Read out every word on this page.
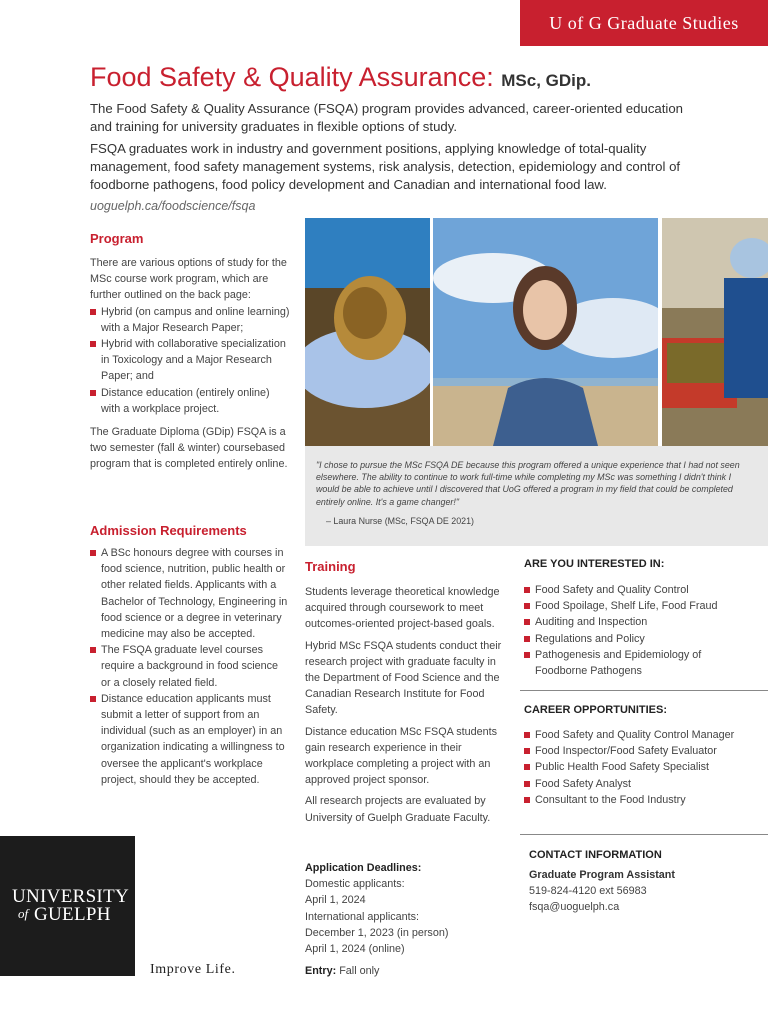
U of G Graduate Studies
Food Safety & Quality Assurance: MSc, GDip.

The Food Safety & Quality Assurance (FSQA) program provides advanced, career-oriented education and training for university graduates in flexible options of study.

FSQA graduates work in industry and government positions, applying knowledge of total-quality management, food safety management systems, risk analysis, detection, epidemiology and control of foodborne pathogens, food policy development and Canadian and international food law.

uoguelph.ca/foodscience/fsqa
Program

There are various options of study for the MSc course work program, which are further outlined on the back page:

Hybrid (on campus and online learning) with a Major Research Paper;
Hybrid with collaborative specialization in Toxicology and a Major Research Paper; and
Distance education (entirely online) with a workplace project.

The Graduate Diploma (GDip) FSQA is a two semester (fall & winter) coursebased program that is completed entirely online.

Admission Requirements
A BSc honours degree with courses in food science, nutrition, public health or other related fields. Applicants with a Bachelor of Technology, Engineering in food science or a degree in veterinary medicine may also be accepted.
The FSQA graduate level courses require a background in food science or a closely related field.
Distance education applicants must submit a letter of support from an individual (such as an employer) in an organization indicating a willingness to oversee the applicant's workplace project, should they be accepted.

"I chose to pursue the MSc FSQA DE because this program offered a unique experience that I had not seen elsewhere. The ability to continue to work full-time while completing my MSc was something I didn't think I would be able to achieve until I discovered that UoG offered a program in my field that could be completed entirely online. It's a game changer!"

– Laura Nurse (MSc, FSQA DE 2021)
Training

Students leverage theoretical knowledge acquired through coursework to meet outcomes-oriented project-based goals.

Hybrid MSc FSQA students conduct their research project with graduate faculty in the Department of Food Science and the Canadian Research Institute for Food Safety.

Distance education MSc FSQA students gain research experience in their workplace completing a project with an approved project sponsor.

All research projects are evaluated by University of Guelph Graduate Faculty.

Application Deadlines:
Domestic applicants:
April 1, 2024
International applicants:
December 1, 2023 (in person)
April 1, 2024 (online)
Entry: Fall only
ARE YOU INTERESTED IN:
Food Safety and Quality Control
Food Spoilage, Shelf Life, Food Fraud
Auditing and Inspection
Regulations and Policy
Pathogenesis and Epidemiology of Foodborne Pathogens
CAREER OPPORTUNITIES:
Food Safety and Quality Control Manager
Food Inspector/Food Safety Evaluator
Public Health Food Safety Specialist
Food Safety Analyst
Consultant to the Food Industry
CONTACT INFORMATION
Graduate Program Assistant
519-824-4120 ext 56983
fsqa@uoguelph.ca
UNIVERSITY
of GUELPH
Improve Life.
